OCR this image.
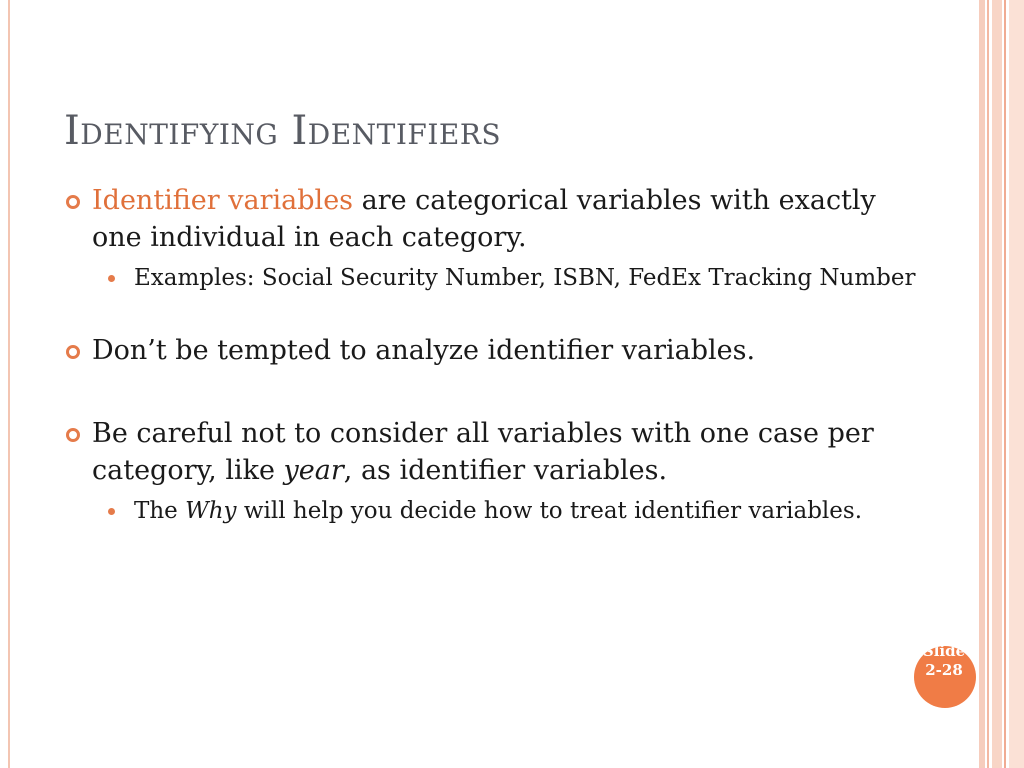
Identifying Identifiers
Identifier variables are categorical variables with exactly one individual in each category.
Examples: Social Security Number, ISBN, FedEx Tracking Number
Don’t be tempted to analyze identifier variables.
Be careful not to consider all variables with one case per category, like year, as identifier variables.
The Why will help you decide how to treat identifier variables.
Slide 2-28
